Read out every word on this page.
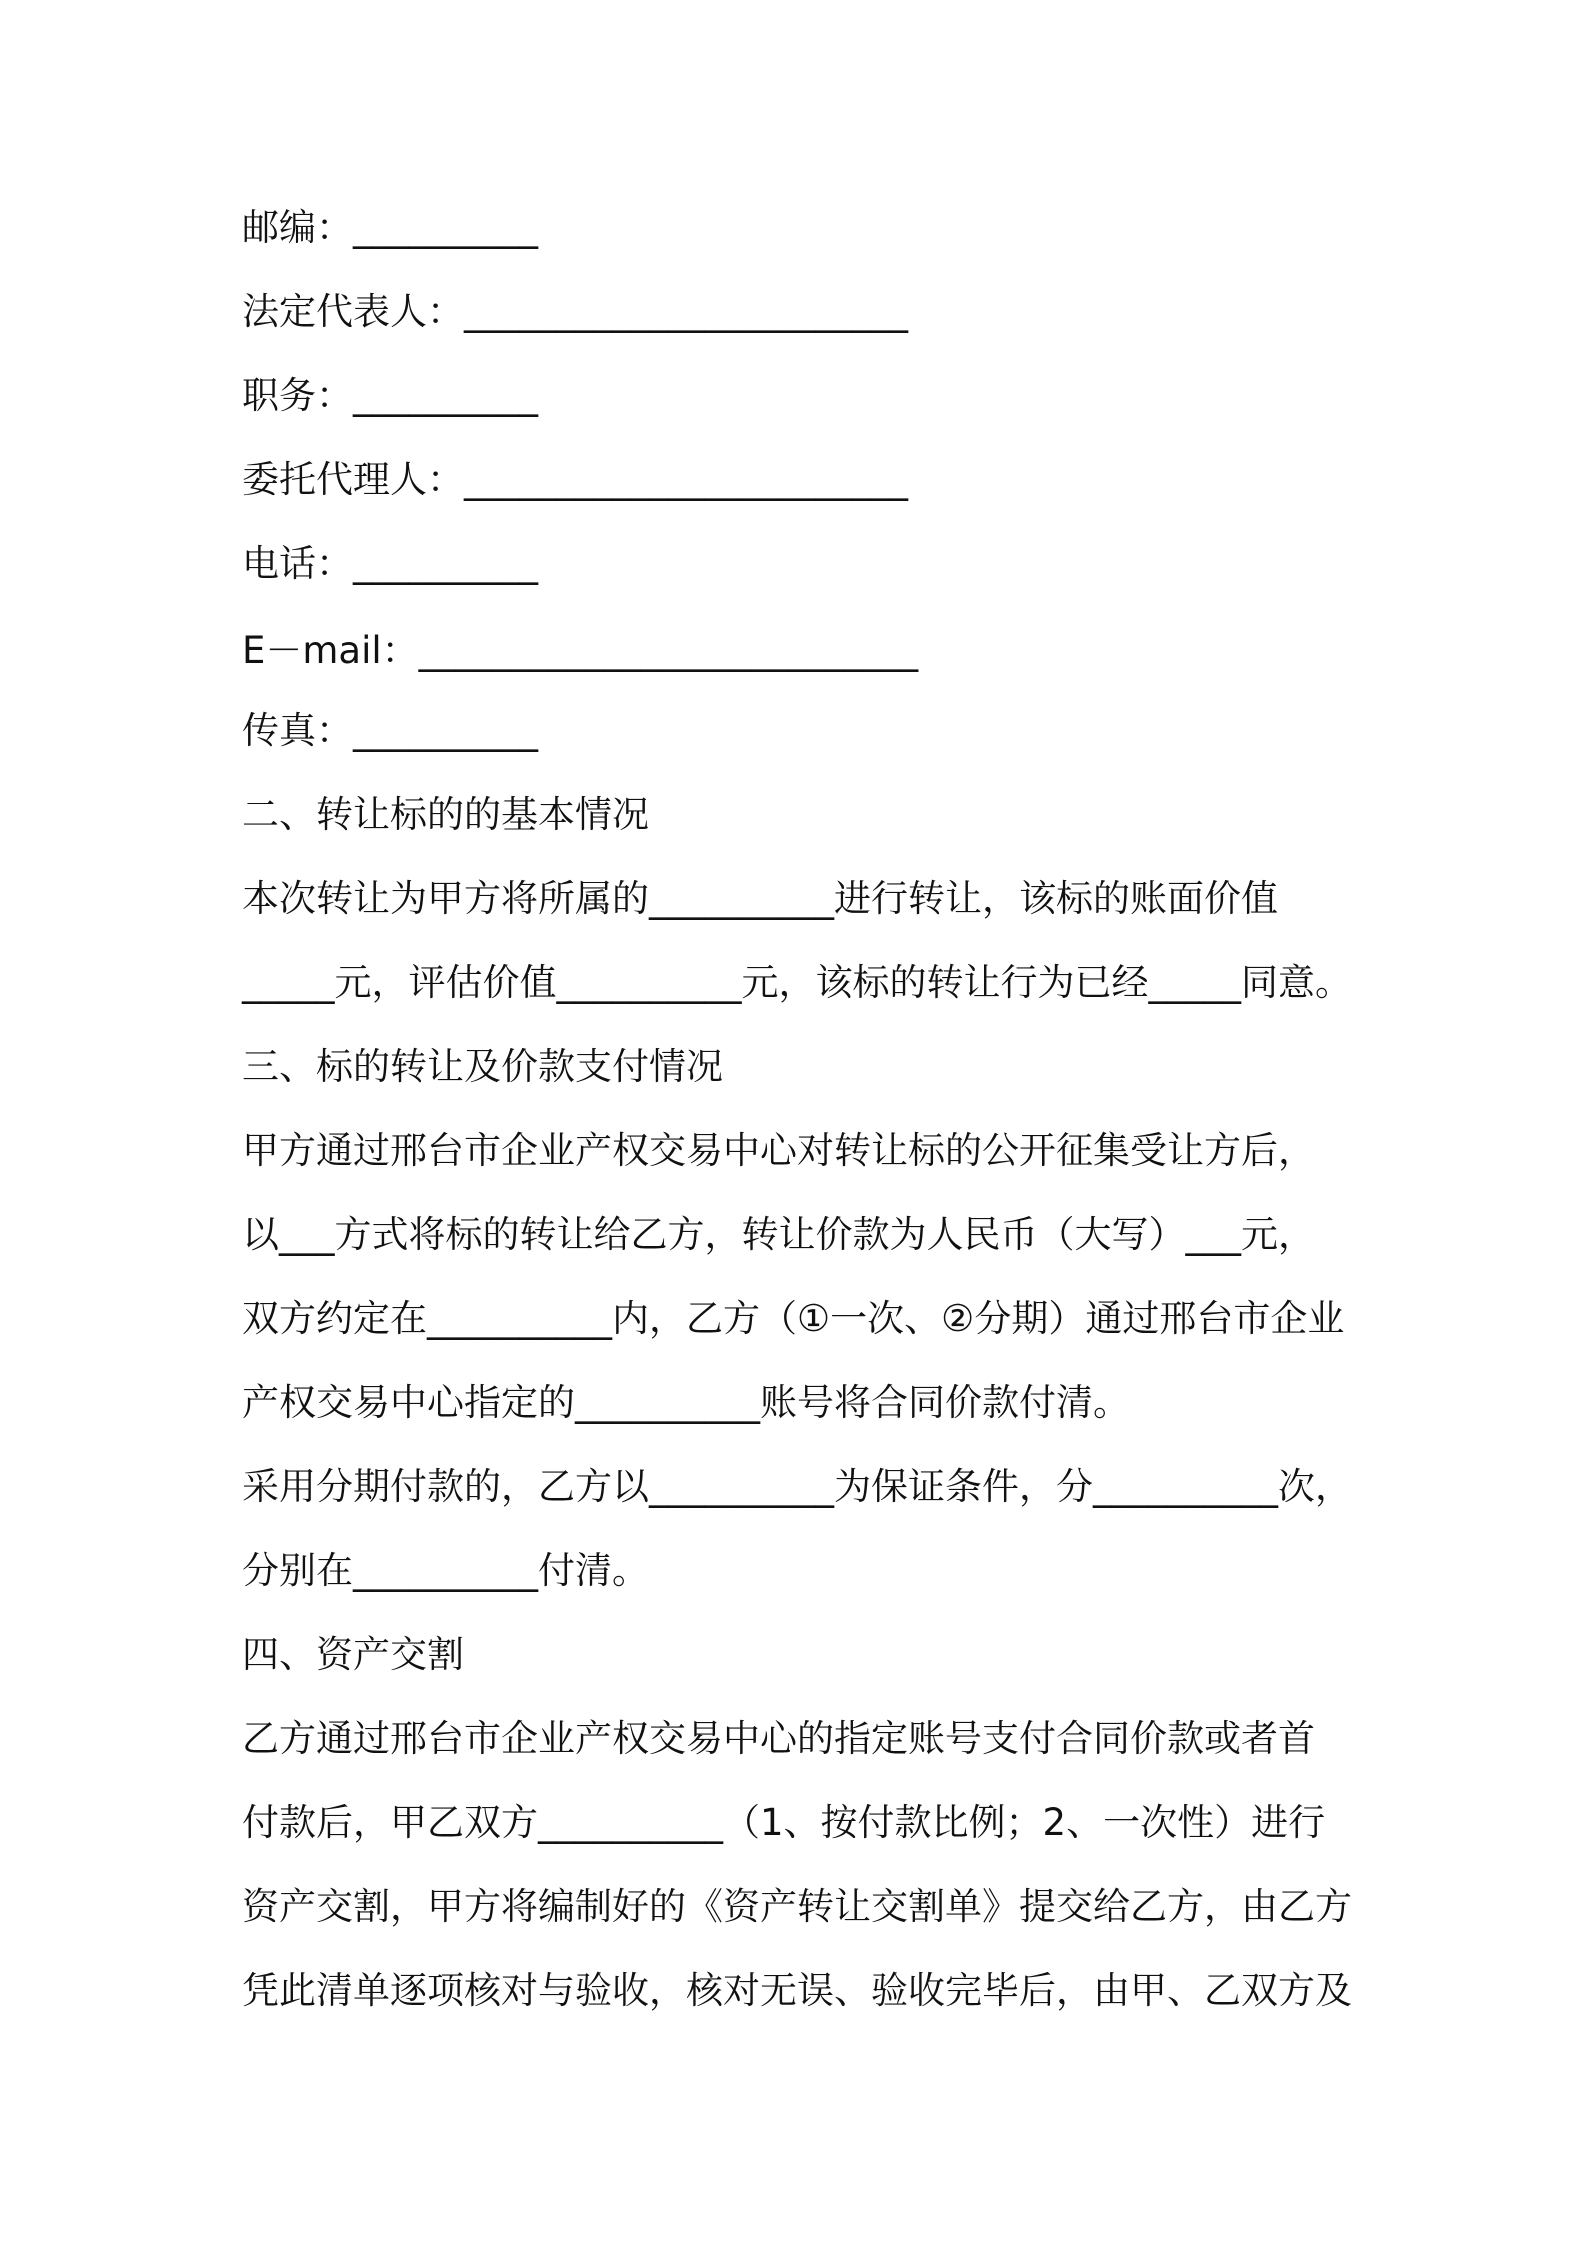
邮编：__________
法定代表人：________________________
职务：__________
委托代理人：________________________
电话：__________
E－mail：___________________________
传真：__________
二、转让标的的基本情况
本次转让为甲方将所属的__________进行转让，该标的账面价值
_____元，评估价值__________元，该标的转让行为已经_____同意。
三、标的转让及价款支付情况
甲方通过邢台市企业产权交易中心对转让标的公开征集受让方后，
以___方式将标的转让给乙方，转让价款为人民币（大写）___元，
双方约定在__________内，乙方（①一次、②分期）通过邢台市企业
产权交易中心指定的__________账号将合同价款付清。
采用分期付款的，乙方以__________为保证条件，分__________次，
分别在__________付清。
四、资产交割
乙方通过邢台市企业产权交易中心的指定账号支付合同价款或者首
付款后，甲乙双方__________（1、按付款比例；2、一次性）进行
资产交割，甲方将编制好的《资产转让交割单》提交给乙方，由乙方
凭此清单逐项核对与验收，核对无误、验收完毕后，由甲、乙双方及
